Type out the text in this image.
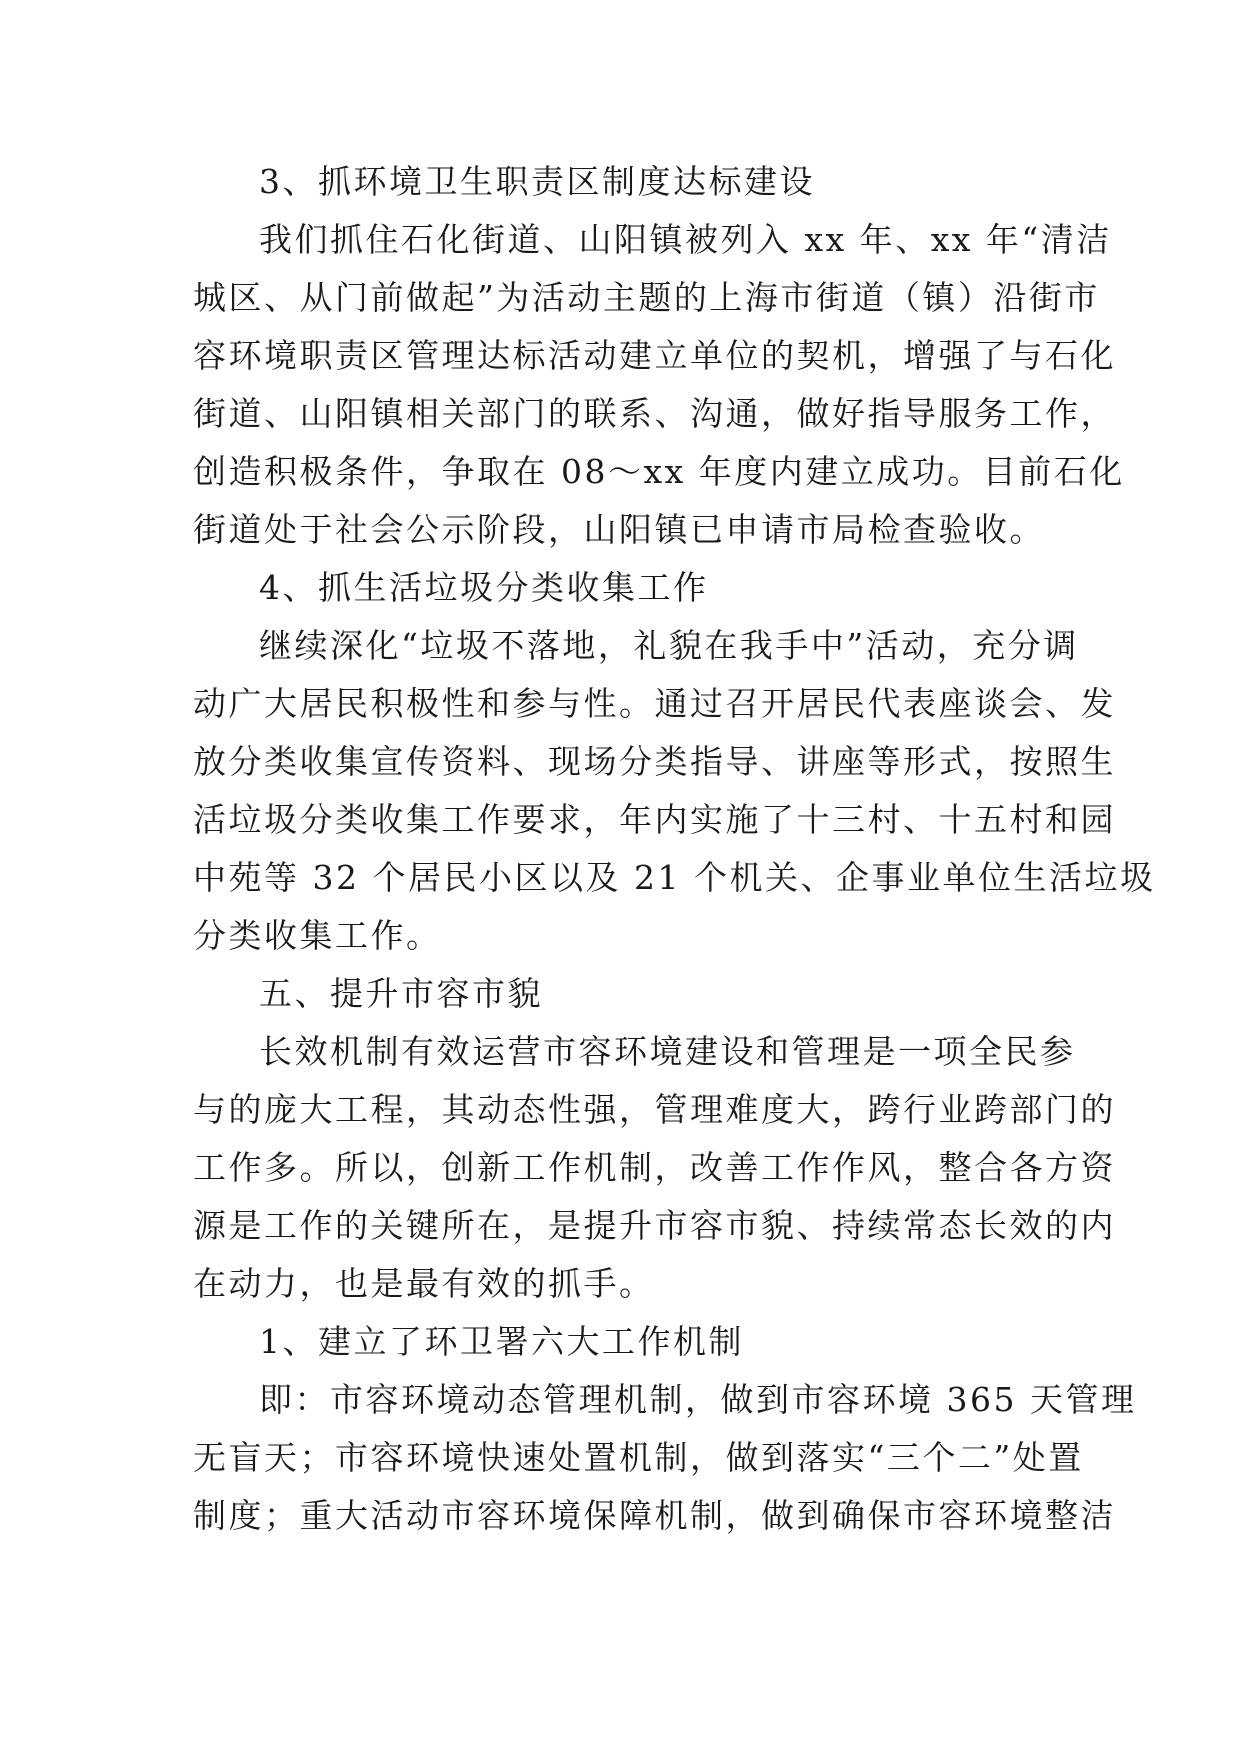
3、抓环境卫生职责区制度达标建设
我们抓住石化街道、山阳镇被列入 xx 年、xx 年“清洁
城区、从门前做起”为活动主题的上海市街道（镇）沿街市
容环境职责区管理达标活动建立单位的契机，增强了与石化
街道、山阳镇相关部门的联系、沟通，做好指导服务工作，
创造积极条件，争取在 08～xx 年度内建立成功。目前石化
街道处于社会公示阶段，山阳镇已申请市局检查验收。
4、抓生活垃圾分类收集工作
继续深化“垃圾不落地，礼貌在我手中”活动，充分调
动广大居民积极性和参与性。通过召开居民代表座谈会、发
放分类收集宣传资料、现场分类指导、讲座等形式，按照生
活垃圾分类收集工作要求，年内实施了十三村、十五村和园
中苑等 32 个居民小区以及 21 个机关、企事业单位生活垃圾
分类收集工作。
五、提升市容市貌
长效机制有效运营市容环境建设和管理是一项全民参
与的庞大工程，其动态性强，管理难度大，跨行业跨部门的
工作多。所以，创新工作机制，改善工作作风，整合各方资
源是工作的关键所在，是提升市容市貌、持续常态长效的内
在动力，也是最有效的抓手。
1、建立了环卫署六大工作机制
即：市容环境动态管理机制，做到市容环境 365 天管理
无盲天；市容环境快速处置机制，做到落实“三个二”处置
制度；重大活动市容环境保障机制，做到确保市容环境整洁
